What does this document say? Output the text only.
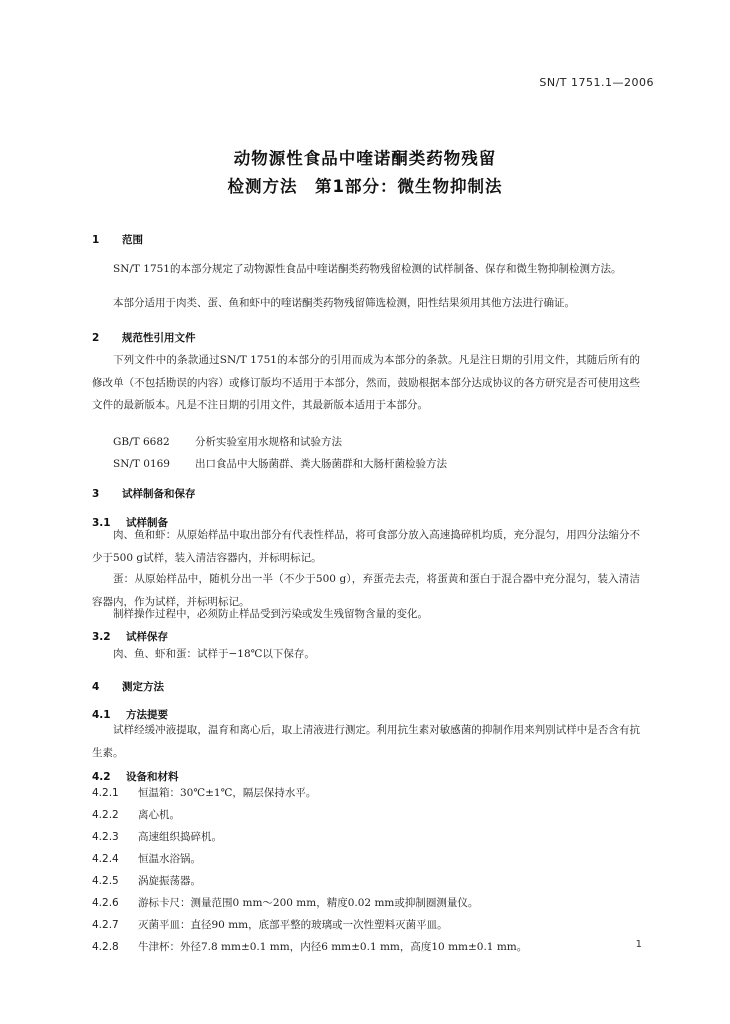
SN/T 1751.1—2006
动物源性食品中喹诺酮类药物残留
检测方法　第1部分：微生物抑制法
1 范围
SN/T 1751的本部分规定了动物源性食品中喹诺酮类药物残留检测的试样制备、保存和微生物抑制检测方法。
本部分适用于肉类、蛋、鱼和虾中的喹诺酮类药物残留筛选检测，阳性结果须用其他方法进行确证。
2 规范性引用文件
下列文件中的条款通过SN/T 1751的本部分的引用而成为本部分的条款。凡是注日期的引用文件，其随后所有的修改单（不包括勘误的内容）或修订版均不适用于本部分，然而，鼓励根据本部分达成协议的各方研究是否可使用这些文件的最新版本。凡是不注日期的引用文件，其最新版本适用于本部分。
GB/T 6682 分析实验室用水规格和试验方法
SN/T 0169 出口食品中大肠菌群、粪大肠菌群和大肠杆菌检验方法
3 试样制备和保存
3.1 试样制备
肉、鱼和虾：从原始样品中取出部分有代表性样品，将可食部分放入高速捣碎机均质，充分混匀，用四分法缩分不少于500 g试样，装入清洁容器内，并标明标记。
蛋：从原始样品中，随机分出一半（不少于500 g），弃蛋壳去壳，将蛋黄和蛋白于混合器中充分混匀，装入清洁容器内，作为试样，并标明标记。
制样操作过程中，必须防止样品受到污染或发生残留物含量的变化。
3.2 试样保存
肉、鱼、虾和蛋：试样于−18℃以下保存。
4 测定方法
4.1 方法提要
试样经缓冲液提取，温育和离心后，取上清液进行测定。利用抗生素对敏感菌的抑制作用来判别试样中是否含有抗生素。
4.2 设备和材料
4.2.1 恒温箱：30℃±1℃，隔层保持水平。
4.2.2 离心机。
4.2.3 高速组织捣碎机。
4.2.4 恒温水浴锅。
4.2.5 涡旋振荡器。
4.2.6 游标卡尺：测量范围0 mm～200 mm，精度0.02 mm或抑制圈测量仪。
4.2.7 灭菌平皿：直径90 mm，底部平整的玻璃或一次性塑料灭菌平皿。
4.2.8 牛津杯：外径7.8 mm±0.1 mm，内径6 mm±0.1 mm，高度10 mm±0.1 mm。	1
